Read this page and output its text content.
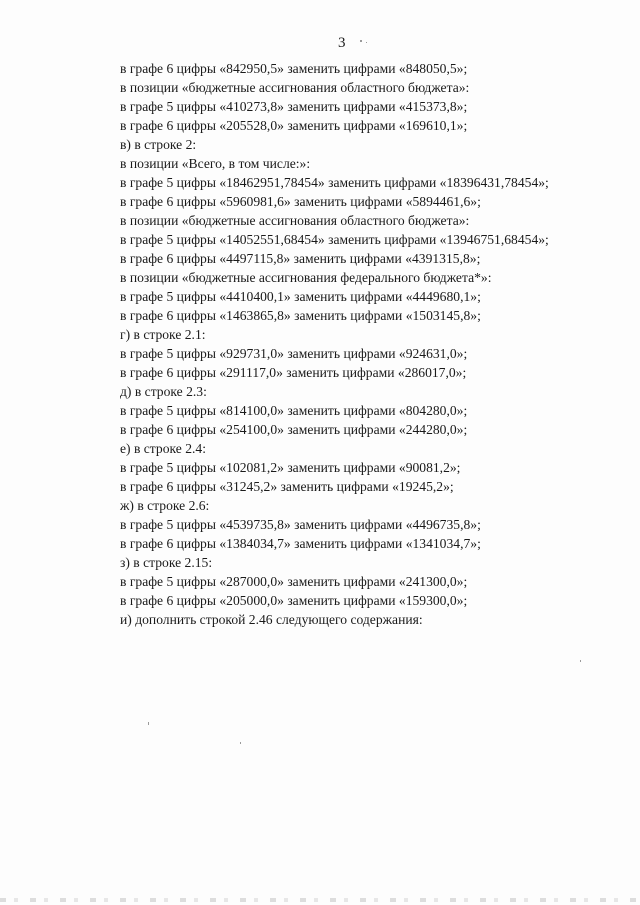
3
в графе 6 цифры «842950,5» заменить цифрами «848050,5»;
в позиции «бюджетные ассигнования областного бюджета»:
в графе 5 цифры «410273,8» заменить цифрами «415373,8»;
в графе 6 цифры «205528,0» заменить цифрами «169610,1»;
в) в строке 2:
в позиции «Всего, в том числе:»:
в графе 5 цифры «18462951,78454» заменить цифрами «18396431,78454»;
в графе 6 цифры «5960981,6» заменить цифрами «5894461,6»;
в позиции «бюджетные ассигнования областного бюджета»:
в графе 5 цифры «14052551,68454» заменить цифрами «13946751,68454»;
в графе 6 цифры «4497115,8» заменить цифрами «4391315,8»;
в позиции «бюджетные ассигнования федерального бюджета*»:
в графе 5 цифры «4410400,1» заменить цифрами «4449680,1»;
в графе 6 цифры «1463865,8» заменить цифрами «1503145,8»;
г) в строке 2.1:
в графе 5 цифры «929731,0» заменить цифрами «924631,0»;
в графе 6 цифры «291117,0» заменить цифрами «286017,0»;
д) в строке 2.3:
в графе 5 цифры «814100,0» заменить цифрами «804280,0»;
в графе 6 цифры «254100,0» заменить цифрами «244280,0»;
е) в строке 2.4:
в графе 5 цифры «102081,2» заменить цифрами «90081,2»;
в графе 6 цифры «31245,2» заменить цифрами «19245,2»;
ж) в строке 2.6:
в графе 5 цифры «4539735,8» заменить цифрами «4496735,8»;
в графе 6 цифры «1384034,7» заменить цифрами «1341034,7»;
з) в строке 2.15:
в графе 5 цифры «287000,0» заменить цифрами «241300,0»;
в графе 6 цифры «205000,0» заменить цифрами «159300,0»;
и) дополнить строкой 2.46 следующего содержания:
